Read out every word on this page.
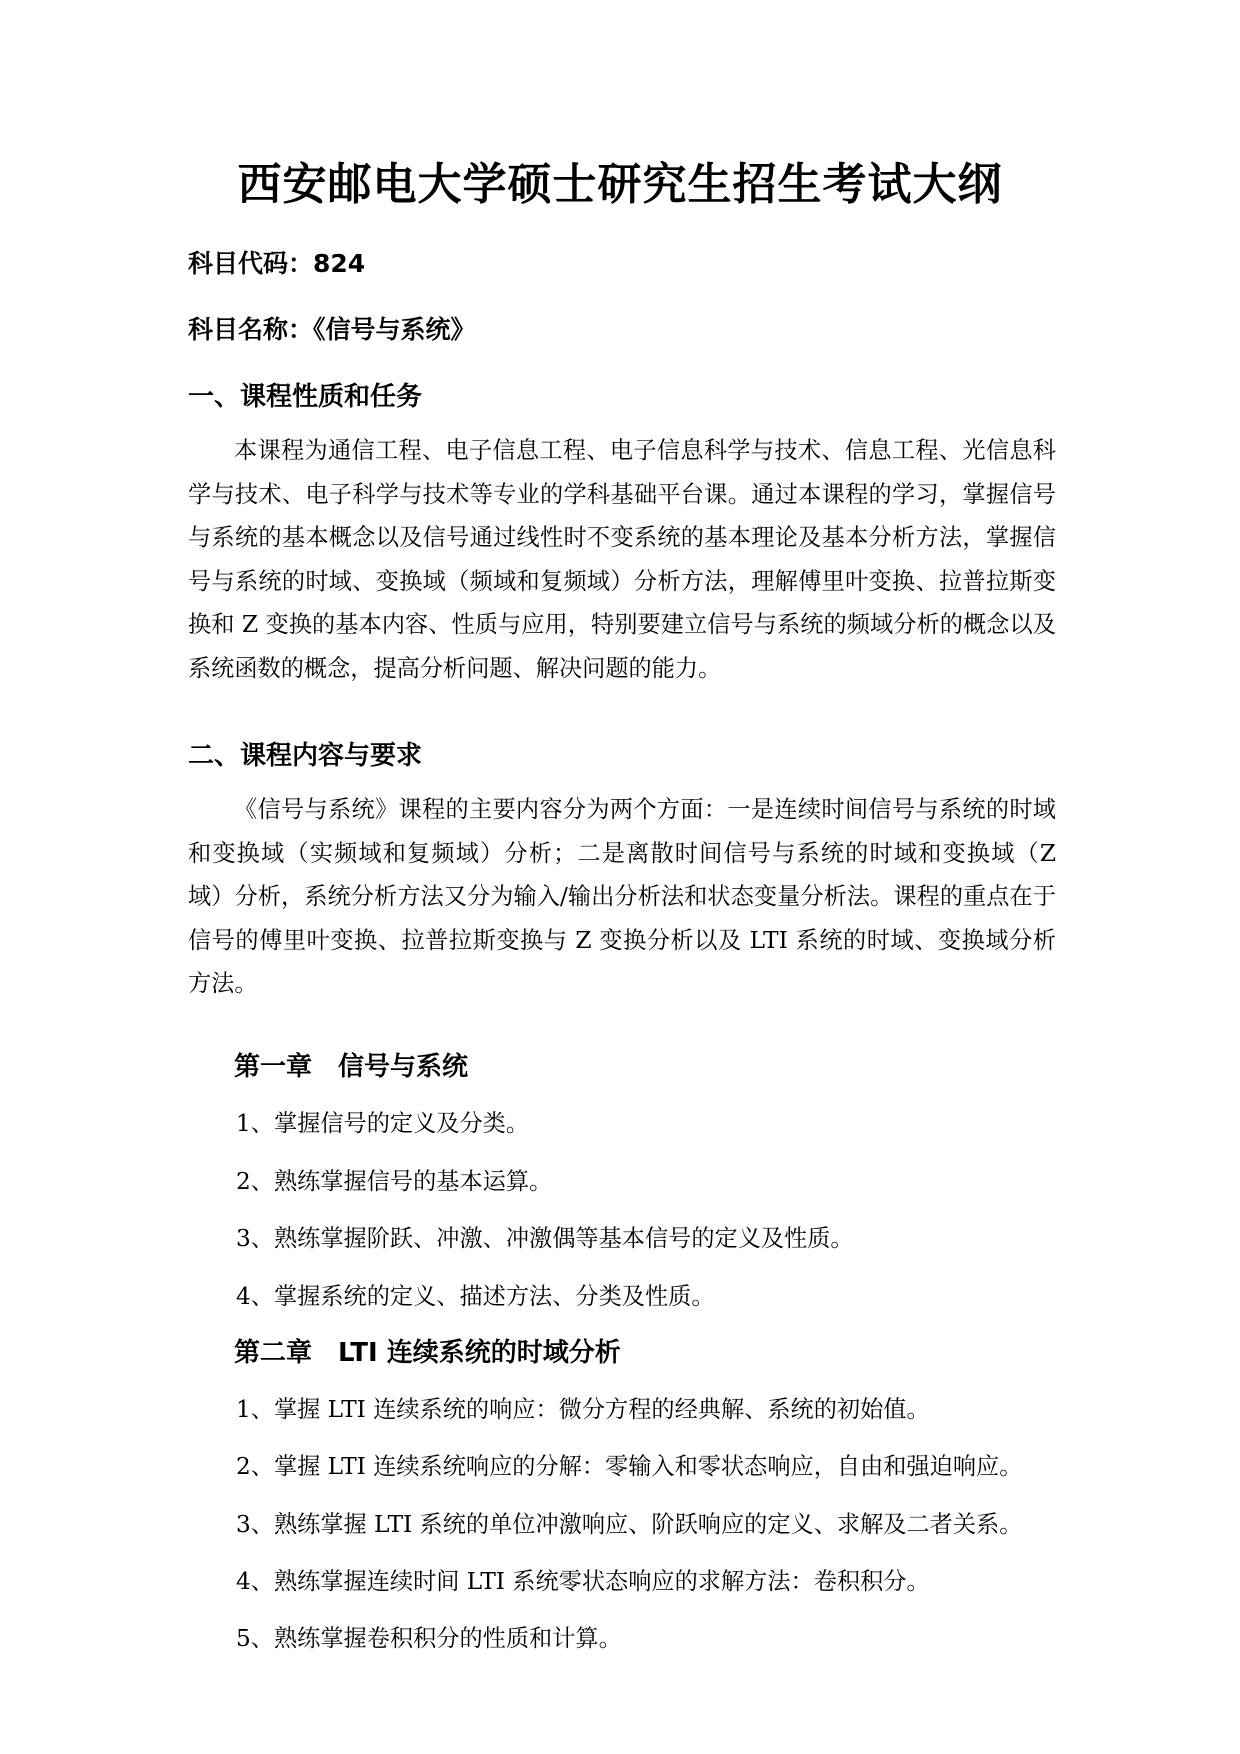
西安邮电大学硕士研究生招生考试大纲
科目代码：824
科目名称：《信号与系统》
一、课程性质和任务

本课程为通信工程、电子信息工程、电子信息科学与技术、信息工程、光信息科学与技术、电子科学与技术等专业的学科基础平台课。通过本课程的学习，掌握信号与系统的基本概念以及信号通过线性时不变系统的基本理论及基本分析方法，掌握信号与系统的时域、变换域（频域和复频域）分析方法，理解傅里叶变换、拉普拉斯变换和 Z 变换的基本内容、性质与应用，特别要建立信号与系统的频域分析的概念以及系统函数的概念，提高分析问题、解决问题的能力。

二、课程内容与要求

《信号与系统》课程的主要内容分为两个方面：一是连续时间信号与系统的时域和变换域（实频域和复频域）分析；二是离散时间信号与系统的时域和变换域（Z 域）分析，系统分析方法又分为输入/输出分析法和状态变量分析法。课程的重点在于信号的傅里叶变换、拉普拉斯变换与 Z 变换分析以及 LTI 系统的时域、变换域分析方法。

第一章　信号与系统
1、掌握信号的定义及分类。
2、熟练掌握信号的基本运算。
3、熟练掌握阶跃、冲激、冲激偶等基本信号的定义及性质。
4、掌握系统的定义、描述方法、分类及性质。
第二章　LTI 连续系统的时域分析
1、掌握 LTI 连续系统的响应：微分方程的经典解、系统的初始值。
2、掌握 LTI 连续系统响应的分解：零输入和零状态响应，自由和强迫响应。
3、熟练掌握 LTI 系统的单位冲激响应、阶跃响应的定义、求解及二者关系。
4、熟练掌握连续时间 LTI 系统零状态响应的求解方法：卷积积分。
5、熟练掌握卷积积分的性质和计算。
